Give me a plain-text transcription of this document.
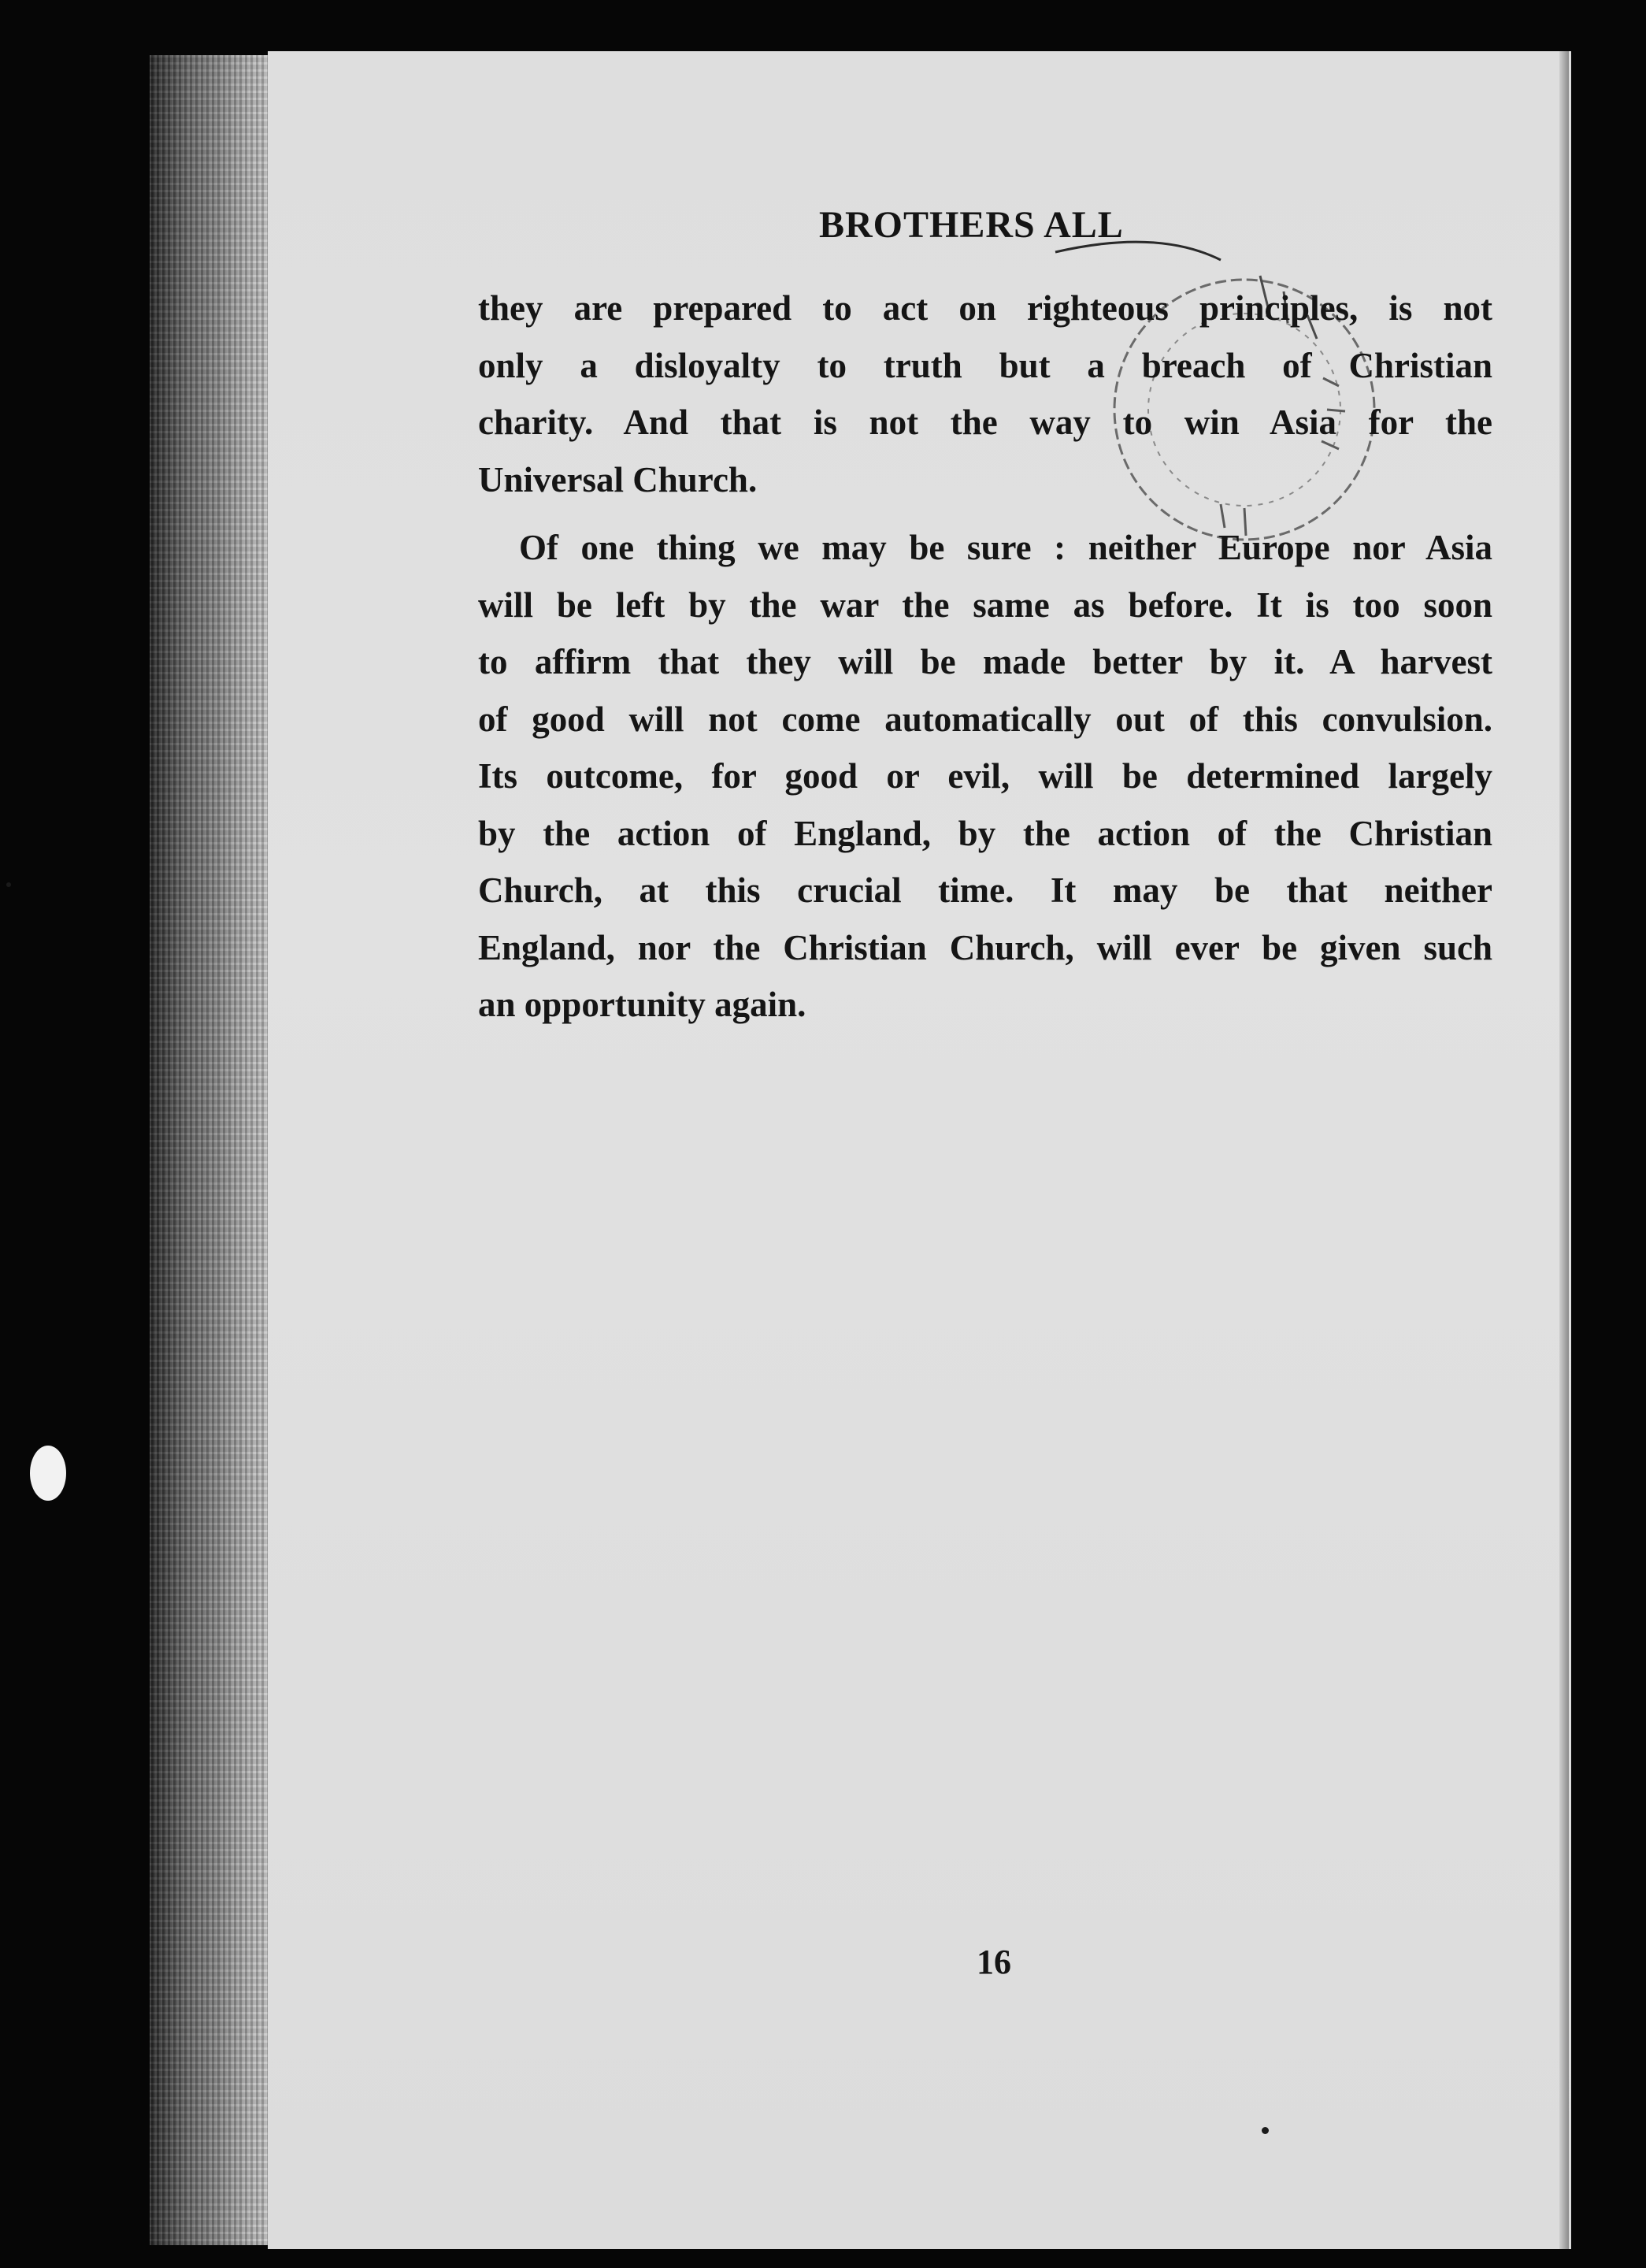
BROTHERS ALL
they are prepared to act on righteous principles, is not
only a disloyalty to truth but a breach of Christian
charity. And that is not the way to win Asia for the
Universal Church.
Of one thing we may be sure : neither Europe nor Asia
will be left by the war the same as before. It is too soon
to affirm that they will be made better by it. A harvest
of good will not come automatically out of this convulsion.
Its outcome, for good or evil, will be determined largely
by the action of England, by the action of the Christian
Church, at this crucial time. It may be that neither
England, nor the Christian Church, will ever be given such
an opportunity again.
16
